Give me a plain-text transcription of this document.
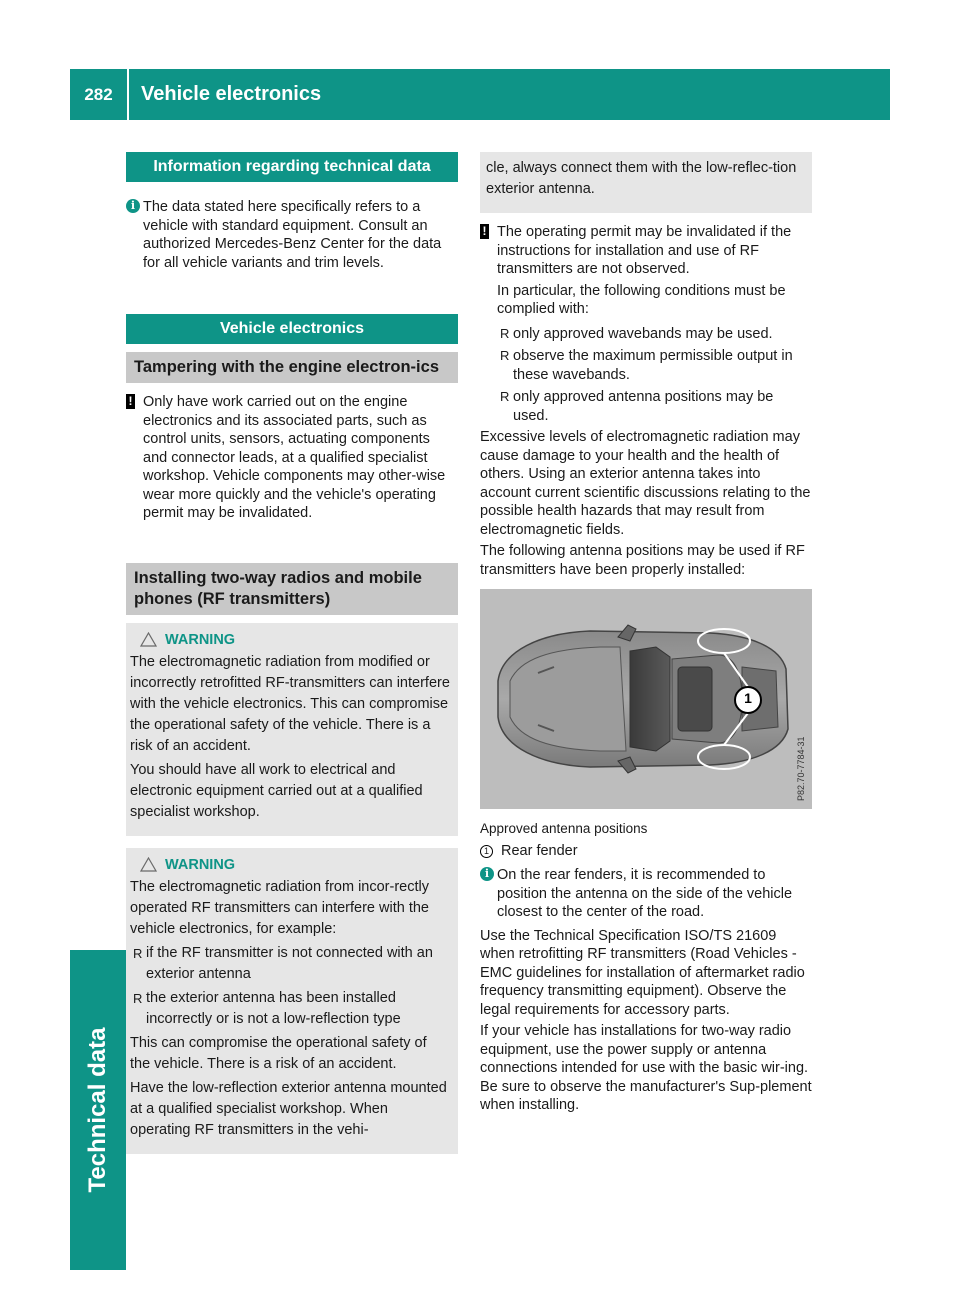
282	Vehicle electronics
Technical data
Information regarding technical data
i The data stated here specifically refers to a vehicle with standard equipment. Consult an authorized Mercedes-Benz Center for the data for all vehicle variants and trim levels.

Vehicle electronics
Tampering with the engine electron-ics
! Only have work carried out on the engine electronics and its associated parts, such as control units, sensors, actuating components and connector leads, at a qualified specialist workshop. Vehicle components may other-wise wear more quickly and the vehicle's operating permit may be invalidated.

Installing two-way radios and mobile phones (RF transmitters)
WARNING

The electromagnetic radiation from modified or incorrectly retrofitted RF-transmitters can interfere with the vehicle electronics. This can compromise the operational safety of the vehicle. There is a risk of an accident.

You should have all work to electrical and electronic equipment carried out at a qualified specialist workshop.

WARNING

The electromagnetic radiation from incor-rectly operated RF transmitters can interfere with the vehicle electronics, for example:

R if the RF transmitter is not connected with an exterior antenna
R the exterior antenna has been installed incorrectly or is not a low-reflection type

This can compromise the operational safety of the vehicle. There is a risk of an accident.

Have the low-reflection exterior antenna mounted at a qualified specialist workshop. When operating RF transmitters in the vehi-

cle, always connect them with the low-reflec-tion exterior antenna.

! The operating permit may be invalidated if the instructions for installation and use of RF transmitters are not observed.

In particular, the following conditions must be complied with:

R only approved wavebands may be used.
R observe the maximum permissible output in these wavebands.
R only approved antenna positions may be used.

Excessive levels of electromagnetic radiation may cause damage to your health and the health of others. Using an exterior antenna takes into account current scientific discussions relating to the possible health hazards that may result from electromagnetic fields.

The following antenna positions may be used if RF transmitters have been properly installed:

1
P82.70-7784-31

Approved antenna positions

1 Rear fender

i On the rear fenders, it is recommended to position the antenna on the side of the vehicle closest to the center of the road.

Use the Technical Specification ISO/TS 21609 when retrofitting RF transmitters (Road Vehicles - EMC guidelines for installation of aftermarket radio frequency transmitting equipment). Observe the legal requirements for accessory parts.

If your vehicle has installations for two-way radio equipment, use the power supply or antenna connections intended for use with the basic wir-ing. Be sure to observe the manufacturer's Sup-plement when installing.
